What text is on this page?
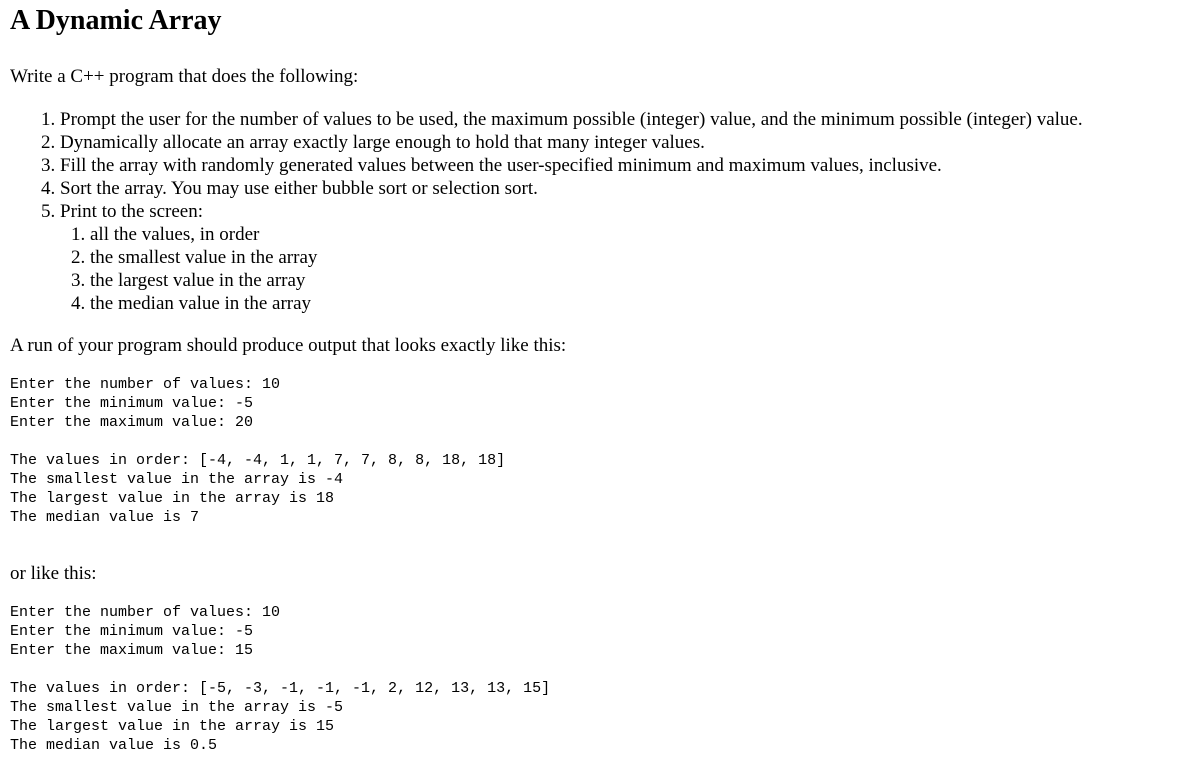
A Dynamic Array

Write a C++ program that does the following:

1. Prompt the user for the number of values to be used, the maximum possible (integer) value, and the minimum possible (integer) value.
2. Dynamically allocate an array exactly large enough to hold that many integer values.
3. Fill the array with randomly generated values between the user-specified minimum and maximum values, inclusive.
4. Sort the array. You may use either bubble sort or selection sort.
5. Print to the screen:
1. all the values, in order
2. the smallest value in the array
3. the largest value in the array
4. the median value in the array

A run of your program should produce output that looks exactly like this:

Enter the number of values: 10
Enter the minimum value: -5
Enter the maximum value: 20
The values in order: [-4, -4, 1, 1, 7, 7, 8, 8, 18, 18]
The smallest value in the array is -4
The largest value in the array is 18
The median value is 7

or like this:

Enter the number of values: 10
Enter the minimum value: -5
Enter the maximum value: 15
The values in order: [-5, -3, -1, -1, -1, 2, 12, 13, 13, 15]
The smallest value in the array is -5
The largest value in the array is 15
The median value is 0.5
